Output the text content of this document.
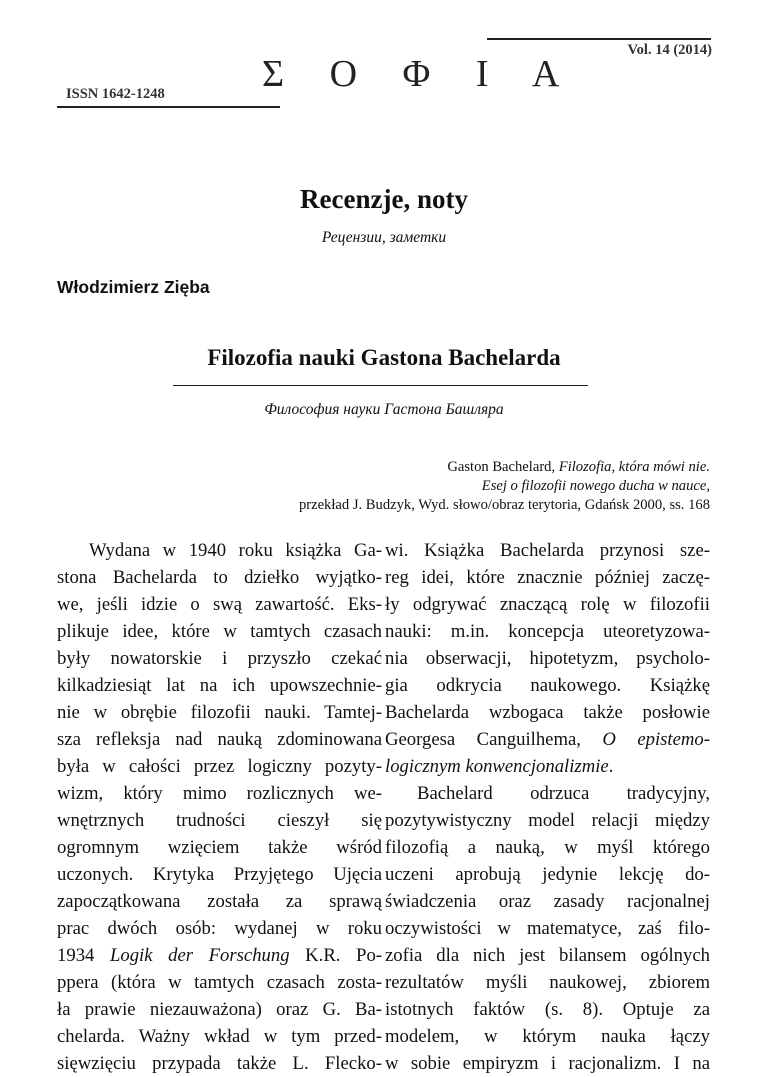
Vol. 14 (2014)
Σ Ο Φ Ι Α
ISSN 1642-1248
Recenzje, noty
Рецензии, заметки
Włodzimierz Zięba
Filozofia nauki Gastona Bachelarda
Философия науки Гастона Башляра
Gaston Bachelard, Filozofia, która mówi nie.
Esej o filozofii nowego ducha w nauce,
przekład J. Budzyk, Wyd. słowo/obraz terytoria, Gdańsk 2000, ss. 168
Wydana w 1940 roku książka Ga-
stona Bachelarda to dziełko wyjątko-
we, jeśli idzie o swą zawartość. Eks-
plikuje idee, które w tamtych czasach
były nowatorskie i przyszło czekać
kilkadziesiąt lat na ich upowszechnie-
nie w obrębie filozofii nauki. Tamtej-
sza refleksja nad nauką zdominowana
była w całości przez logiczny pozyty-
wizm, który mimo rozlicznych we-
wnętrznych trudności cieszył się
ogromnym wzięciem także wśród
uczonych. Krytyka Przyjętego Ujęcia
zapoczątkowana została za sprawą
prac dwóch osób: wydanej w roku
1934 Logik der Forschung K.R. Po-
ppera (która w tamtych czasach zosta-
ła prawie niezauważona) oraz G. Ba-
chelarda. Ważny wkład w tym przed-
sięwzięciu przypada także L. Flecko-
wi. Książka Bachelarda przynosi sze-
reg idei, które znacznie później zaczę-
ły odgrywać znaczącą rolę w filozofii
nauki: m.in. koncepcja uteoretyzowa-
nia obserwacji, hipotetyzm, psycholo-
gia odkrycia naukowego. Książkę
Bachelarda wzbogaca także posłowie
Georgesa Canguilhema, O epistemo-
logicznym konwencjonalizmie.
Bachelard odrzuca tradycyjny,
pozytywistyczny model relacji między
filozofią a nauką, w myśl którego
uczeni aprobują jedynie lekcję do-
świadczenia oraz zasady racjonalnej
oczywistości w matematyce, zaś filo-
zofia dla nich jest bilansem ogólnych
rezultatów myśli naukowej, zbiorem
istotnych faktów (s. 8). Optuje za
modelem, w którym nauka łączy
w sobie empiryzm i racjonalizm. I na
